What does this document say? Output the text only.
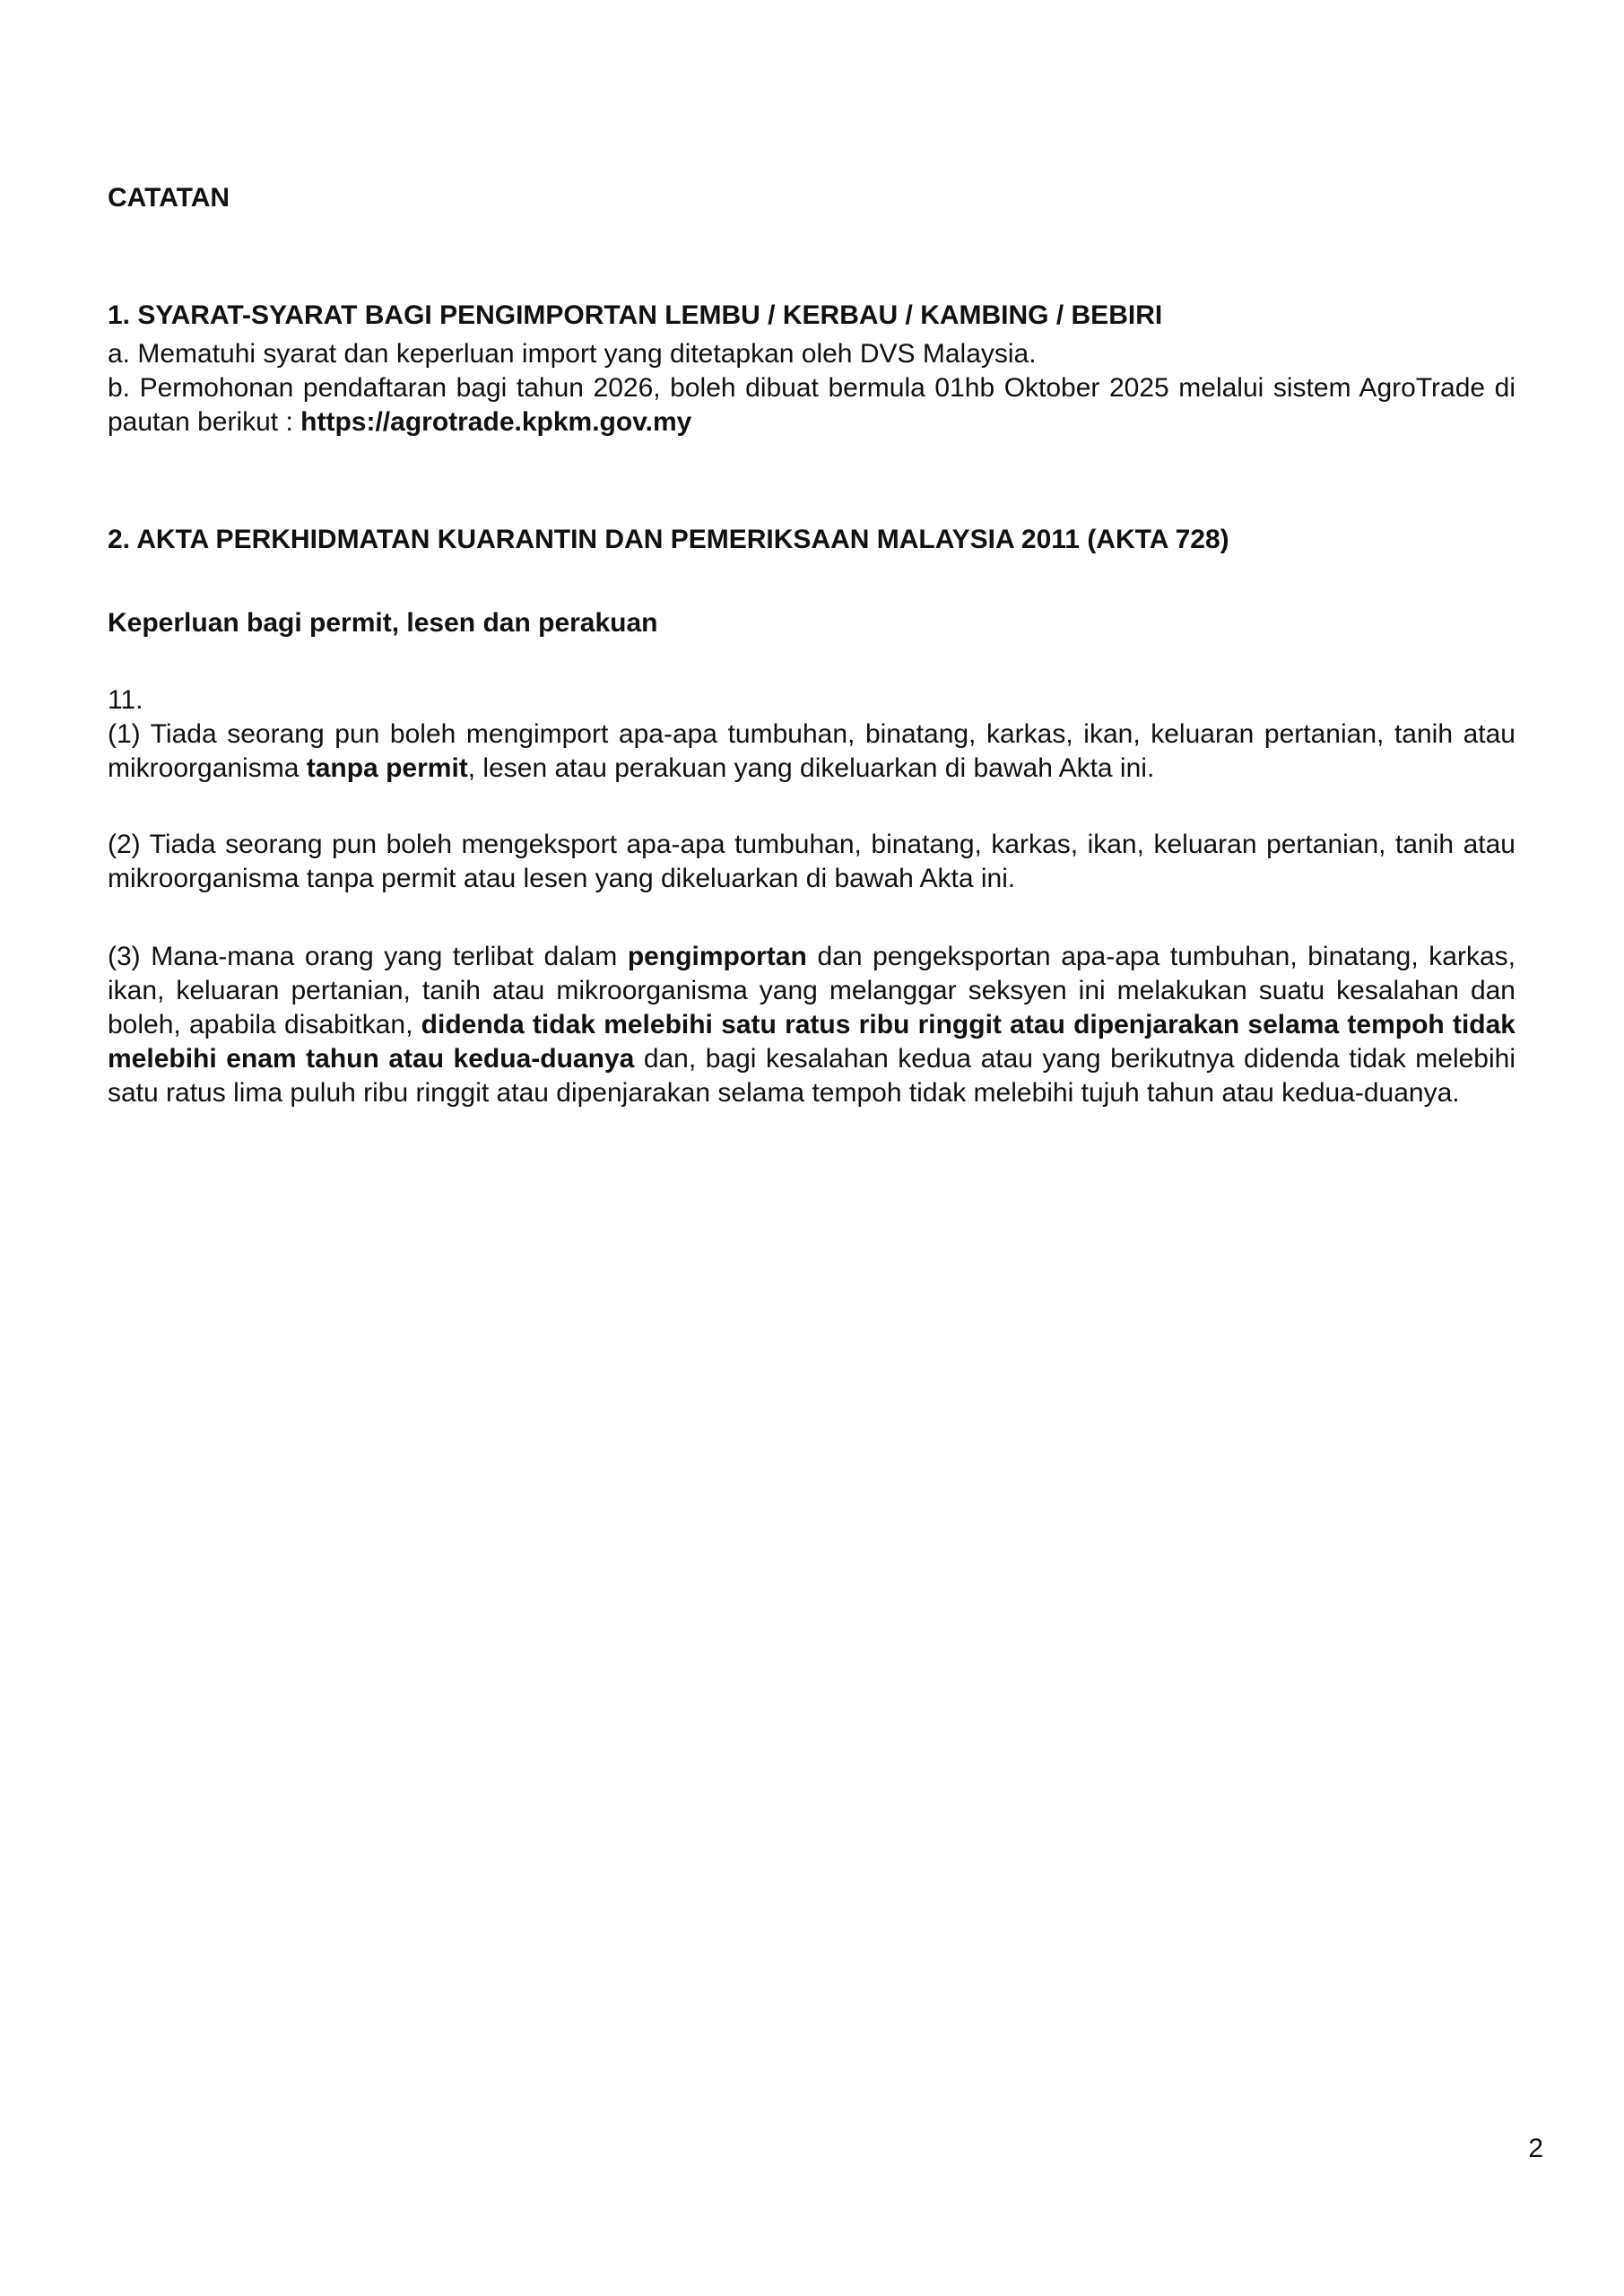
CATATAN
1. SYARAT-SYARAT BAGI PENGIMPORTAN LEMBU / KERBAU / KAMBING / BEBIRI
a. Mematuhi syarat dan keperluan import yang ditetapkan oleh DVS Malaysia.

b. Permohonan pendaftaran bagi tahun 2026, boleh dibuat bermula 01hb Oktober 2025 melalui sistem AgroTrade di pautan berikut : https://agrotrade.kpkm.gov.my

2. AKTA PERKHIDMATAN KUARANTIN DAN PEMERIKSAAN MALAYSIA 2011 (AKTA 728)
Keperluan bagi permit, lesen dan perakuan
11.

(1) Tiada seorang pun boleh mengimport apa-apa tumbuhan, binatang, karkas, ikan, keluaran pertanian, tanih atau mikroorganisma tanpa permit, lesen atau perakuan yang dikeluarkan di bawah Akta ini.

(2) Tiada seorang pun boleh mengeksport apa-apa tumbuhan, binatang, karkas, ikan, keluaran pertanian, tanih atau mikroorganisma tanpa permit atau lesen yang dikeluarkan di bawah Akta ini.

(3) Mana-mana orang yang terlibat dalam pengimportan dan pengeksportan apa-apa tumbuhan, binatang, karkas, ikan, keluaran pertanian, tanih atau mikroorganisma yang melanggar seksyen ini melakukan suatu kesalahan dan boleh, apabila disabitkan, didenda tidak melebihi satu ratus ribu ringgit atau dipenjarakan selama tempoh tidak melebihi enam tahun atau kedua-duanya dan, bagi kesalahan kedua atau yang berikutnya didenda tidak melebihi satu ratus lima puluh ribu ringgit atau dipenjarakan selama tempoh tidak melebihi tujuh tahun atau kedua-duanya.

2
